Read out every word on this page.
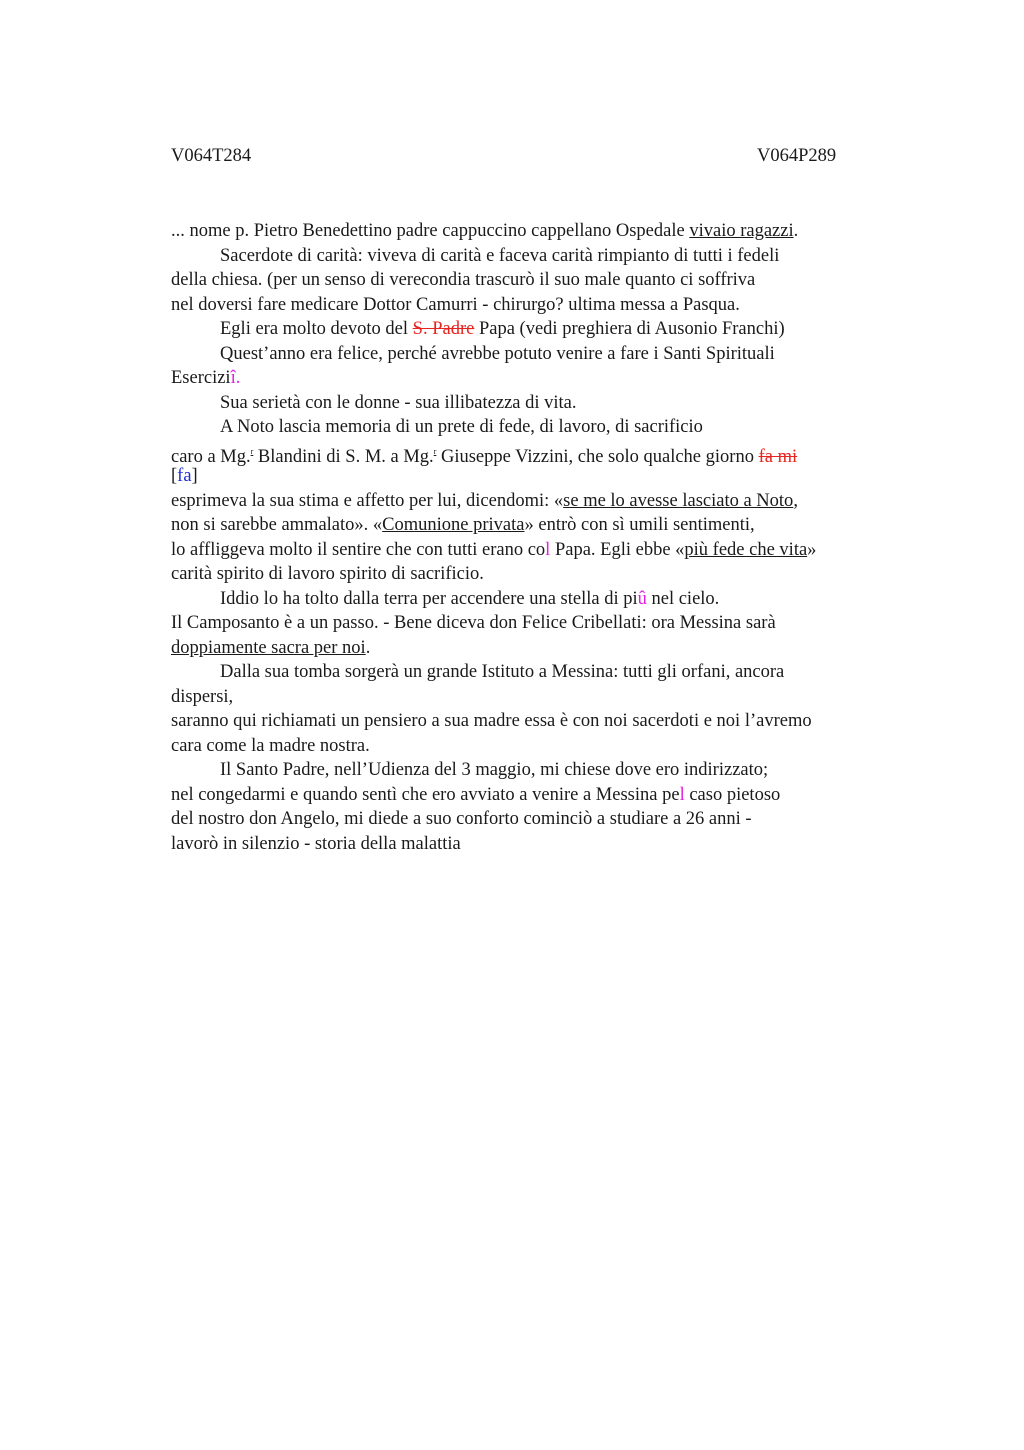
V064T284	V064P289
... nome p. Pietro Benedettino padre cappuccino cappellano Ospedale vivaio ragazzi.
Sacerdote di carità: viveva di carità e faceva carità rimpianto di tutti i fedeli
della chiesa. (per un senso di verecondia trascurò il suo male quanto ci soffriva
nel doversi fare medicare Dottor Camurri - chirurgo? ultima messa a Pasqua.
Egli era molto devoto del S. Padre Papa (vedi preghiera di Ausonio Franchi)
Quest’anno era felice, perché avrebbe potuto venire a fare i Santi Spirituali
Eserciziî.
Sua serietà con le donne - sua illibatezza di vita.
A Noto lascia memoria di un prete di fede, di lavoro, di sacrificio
caro a Mg.$^r$ Blandini di S. M. a Mg.$^r$ Giuseppe Vizzini, che solo qualche giorno fa mi
[fa]
esprimeva la sua stima e affetto per lui, dicendomi: «se me lo avesse lasciato a Noto,
non si sarebbe ammalato». «Comunione privata» entrò con sì umili sentimenti,
lo affliggeva molto il sentire che con tutti erano col Papa. Egli ebbe «più fede che vita»
carità spirito di lavoro spirito di sacrificio.
Iddio lo ha tolto dalla terra per accendere una stella di piû nel cielo.
Il Camposanto è a un passo. - Bene diceva don Felice Cribellati: ora Messina sarà
doppiamente sacra per noi.
Dalla sua tomba sorgerà un grande Istituto a Messina: tutti gli orfani, ancora
dispersi,
saranno qui richiamati un pensiero a sua madre essa è con noi sacerdoti e noi l’avremo
cara come la madre nostra.
Il Santo Padre, nell’Udienza del 3 maggio, mi chiese dove ero indirizzato;
nel congedarmi e quando sentì che ero avviato a venire a Messina pel caso pietoso
del nostro don Angelo, mi diede a suo conforto cominciò a studiare a 26 anni -
lavorò in silenzio - storia della malattia
